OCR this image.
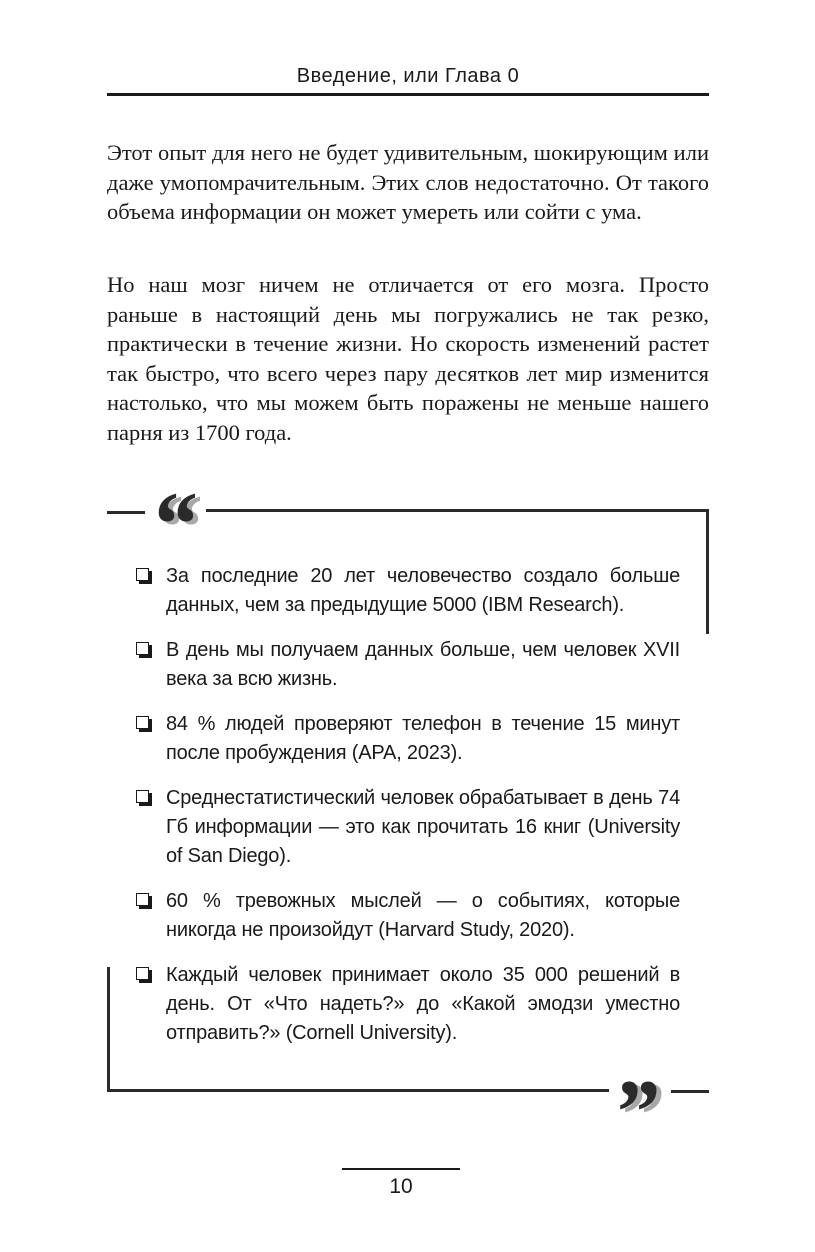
Введение, или Глава 0

Этот опыт для него не будет удивительным, шокирующим или даже умопомрачительным. Этих слов недостаточно. От такого объема информации он может умереть или сойти с ума.

Но наш мозг ничем не отличается от его мозга. Просто раньше в настоящий день мы погружались не так резко, практически в течение жизни. Но скорость изменений растет так быстро, что всего через пару десятков лет мир изменится настолько, что мы можем быть поражены не меньше нашего парня из 1700 года.

“
”
За последние 20 лет человечество создало больше данных, чем за предыдущие 5000 (IBM Research).
В день мы получаем данных больше, чем человек XVII века за всю жизнь.
84 % людей проверяют телефон в течение 15 минут после пробуждения (APA, 2023).
Среднестатистический человек обрабатывает в день 74 Гб информации — это как прочитать 16 книг (University of San Diego).
60 % тревожных мыслей — о событиях, которые никогда не произойдут (Harvard Study, 2020).
Каждый человек принимает около 35 000 решений в день. От «Что надеть?» до «Какой эмодзи уместно отправить?» (Cornell University).
10
